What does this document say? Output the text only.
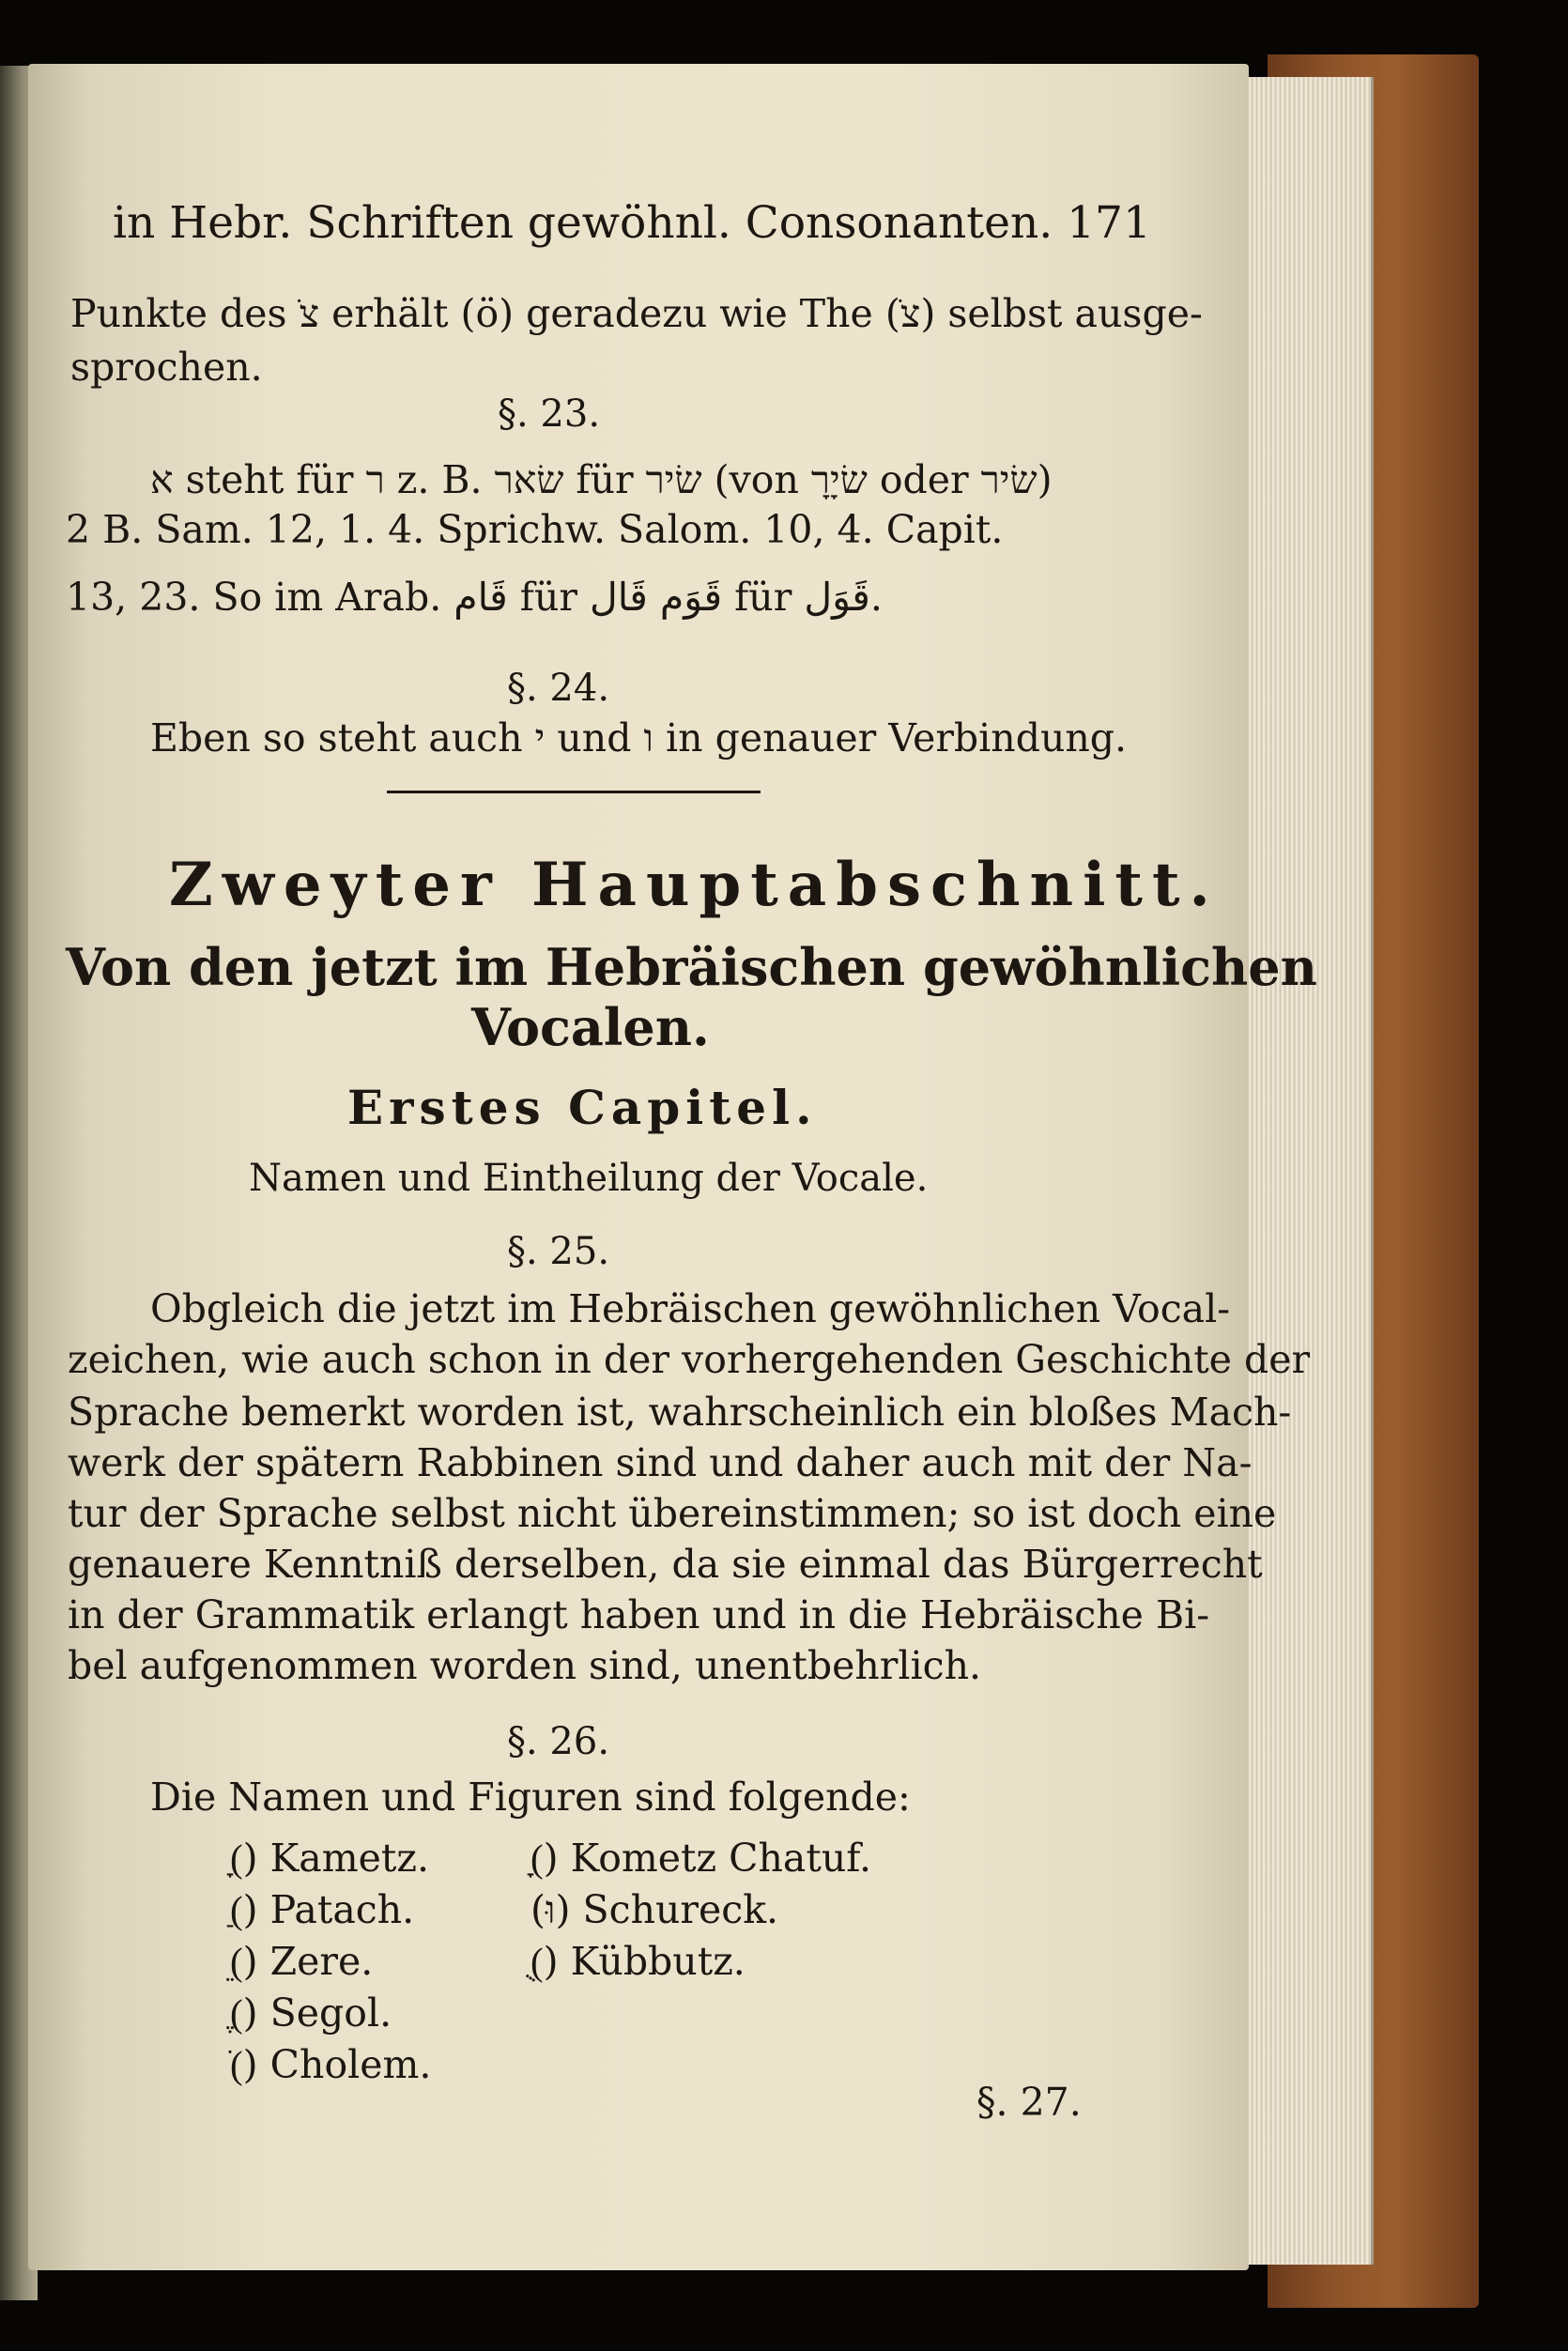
in Hebr. Schriften gewöhnl. Consonanten. 171
Punkte des ׂצ erhält (ö) geradezu wie The (ׂצ) selbst ausge-
sprochen.
§. 23.
א steht für ר z. B. שׂאר für שׂיר (von שׂיָרָ oder שׂיר)
2 B. Sam. 12, 1. 4. Sprichw. Salom. 10, 4. Capit.
13, 23. So im Arab. قَام für قَوَم قَال für قَوَل.
§. 24.
Eben so steht auch י und ו in genauer Verbindung.
Zweyter Hauptabschnitt.
Von den jetzt im Hebräischen gewöhnlichen
Vocalen.
Erstes Capitel.
Namen und Eintheilung der Vocale.
§. 25.
Obgleich die jetzt im Hebräischen gewöhnlichen Vocal-
zeichen, wie auch schon in der vorhergehenden Geschichte der
Sprache bemerkt worden ist, wahrscheinlich ein bloßes Mach-
werk der spätern Rabbinen sind und daher auch mit der Na-
tur der Sprache selbst nicht übereinstimmen; so ist doch eine
genauere Kenntniß derselben, da sie einmal das Bürgerrecht
in der Grammatik erlangt haben und in die Hebräische Bi-
bel aufgenommen worden sind, unentbehrlich.
§. 26.
Die Namen und Figuren sind folgende:
(ָ) Kametz.
(ַ) Patach.
(ֵ) Zere.
(ֶ) Segol.
(ֹ) Cholem.
(ָ) Kometz Chatuf.
(וּ) Schureck.
(ֻ) Kübbutz.
§. 27.
